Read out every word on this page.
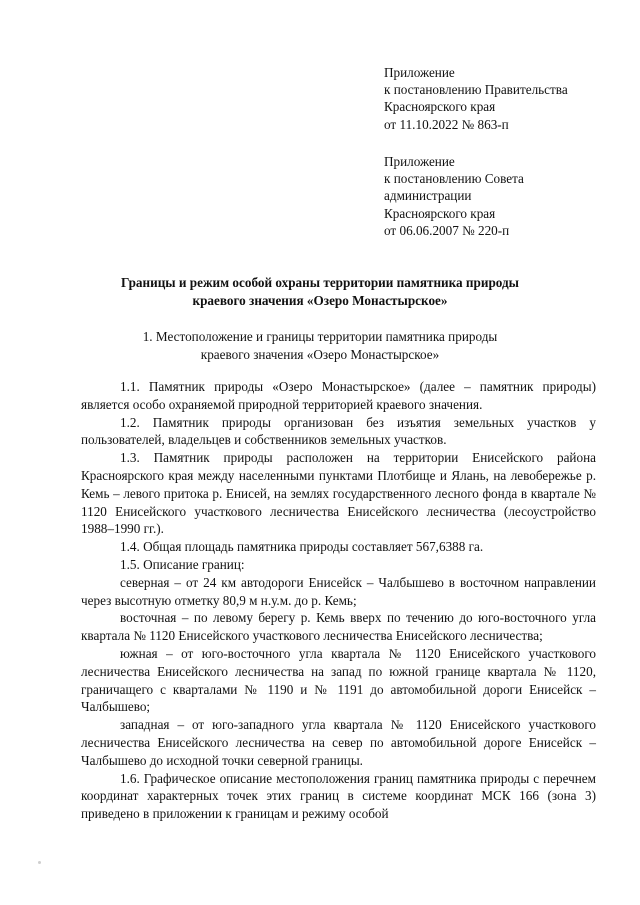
Приложение
к постановлению Правительства
Красноярского края
от 11.10.2022 № 863-п
Приложение
к постановлению Совета
администрации
Красноярского края
от 06.06.2007 № 220-п
Границы и режим особой охраны территории памятника природы
краевого значения «Озеро Монастырское»
1. Местоположение и границы территории памятника природы
краевого значения «Озеро Монастырское»

1.1. Памятник природы «Озеро Монастырское» (далее – памятник природы) является особо охраняемой природной территорией краевого значения.

1.2. Памятник природы организован без изъятия земельных участков у пользователей, владельцев и собственников земельных участков.

1.3. Памятник природы расположен на территории Енисейского района Красноярского края между населенными пунктами Плотбище и Ялань, на левобережье р. Кемь – левого притока р. Енисей, на землях государственного лесного фонда в квартале № 1120 Енисейского участкового лесничества Енисейского лесничества (лесоустройство 1988–1990 гг.).

1.4. Общая площадь памятника природы составляет 567,6388 га.

1.5. Описание границ:

северная – от 24 км автодороги Енисейск – Чалбышево в восточном направлении через высотную отметку 80,9 м н.у.м. до р. Кемь;

восточная – по левому берегу р. Кемь вверх по течению до юго-восточного угла квартала № 1120 Енисейского участкового лесничества Енисейского лесничества;

южная – от юго-восточного угла квартала № 1120 Енисейского участкового лесничества Енисейского лесничества на запад по южной границе квартала № 1120, граничащего с кварталами № 1190 и № 1191 до автомобильной дороги Енисейск – Чалбышево;

западная – от юго-западного угла квартала № 1120 Енисейского участкового лесничества Енисейского лесничества на север по автомобильной дороге Енисейск – Чалбышево до исходной точки северной границы.

1.6. Графическое описание местоположения границ памятника природы с перечнем координат характерных точек этих границ в системе координат МСК 166 (зона 3) приведено в приложении к границам и режиму особой
